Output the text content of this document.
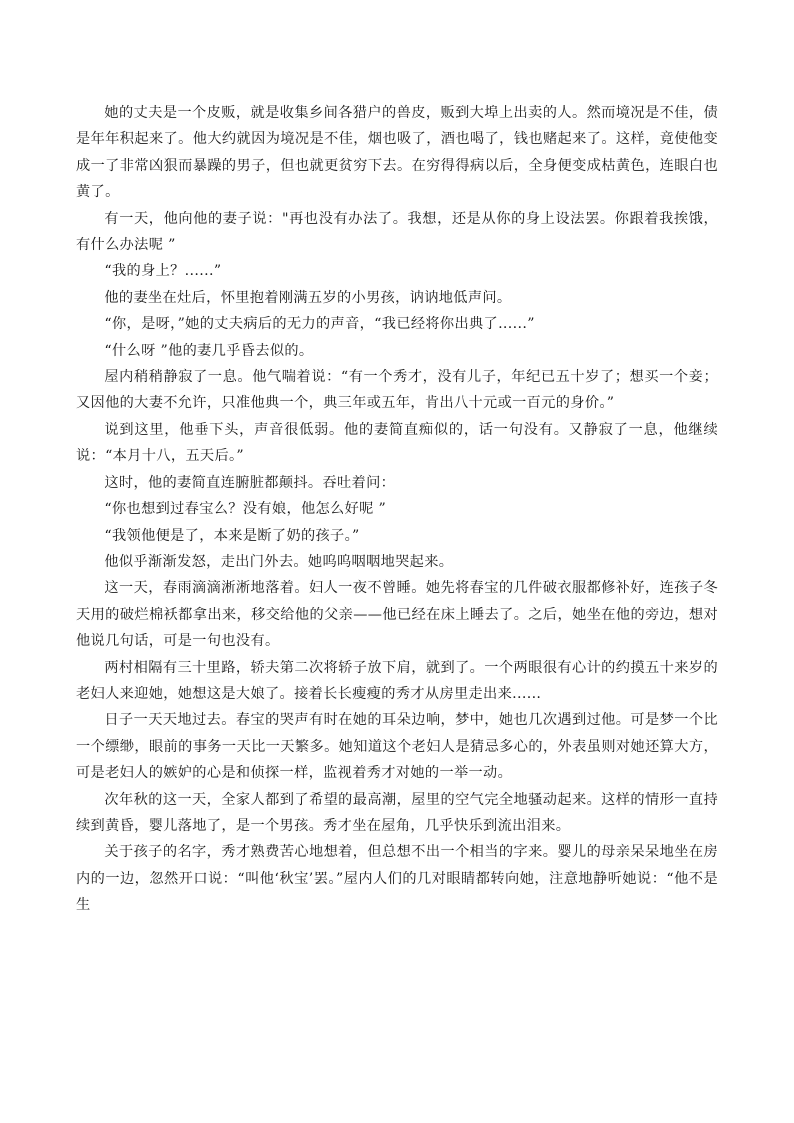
她的丈夫是一个皮贩，就是收集乡间各猎户的兽皮，贩到大埠上出卖的人。然而境况是不佳，债是年年积起来了。他大约就因为境况是不佳，烟也吸了，酒也喝了，钱也赌起来了。这样，竟使他变成一了非常凶狠而暴躁的男子，但也就更贫穷下去。在穷得得病以后，全身便变成枯黄色，连眼白也黄了。

有一天，他向他的妻子说："再也没有办法了。我想，还是从你的身上设法罢。你跟着我挨饿，有什么办法呢 ”

“我的身上？......”

他的妻坐在灶后，怀里抱着刚满五岁的小男孩，讷讷地低声问。

“你，是呀，”她的丈夫病后的无力的声音，“我已经将你出典了......”

“什么呀 ”他的妻几乎昏去似的。

屋内稍稍静寂了一息。他气喘着说：“有一个秀才，没有儿子，年纪已五十岁了；想买一个妾；又因他的大妻不允许，只准他典一个，典三年或五年，肯出八十元或一百元的身价。”

说到这里，他垂下头，声音很低弱。他的妻简直痴似的，话一句没有。又静寂了一息，他继续说：“本月十八，五天后。”

这时，他的妻简直连腑脏都颠抖。吞吐着问：

“你也想到过春宝么？没有娘，他怎么好呢 ”

“我领他便是了，本来是断了奶的孩子。”

他似乎渐渐发怒，走出门外去。她呜呜咽咽地哭起来。

这一天，春雨滴滴淅淅地落着。妇人一夜不曾睡。她先将春宝的几件破衣服都修补好，连孩子冬天用的破烂棉袄都拿出来，移交给他的父亲——他已经在床上睡去了。之后，她坐在他的旁边，想对他说几句话，可是一句也没有。

两村相隔有三十里路，轿夫第二次将轿子放下肩，就到了。一个两眼很有心计的约摸五十来岁的老妇人来迎她，她想这是大娘了。接着长长瘦瘦的秀才从房里走出来......

日子一天天地过去。春宝的哭声有时在她的耳朵边响，梦中，她也几次遇到过他。可是梦一个比一个缥缈，眼前的事务一天比一天繁多。她知道这个老妇人是猜忌多心的，外表虽则对她还算大方，可是老妇人的嫉妒的心是和侦探一样，监视着秀才对她的一举一动。

次年秋的这一天，全家人都到了希望的最高潮，屋里的空气完全地骚动起来。这样的情形一直持续到黄昏，婴儿落地了，是一个男孩。秀才坐在屋角，几乎快乐到流出泪来。

关于孩子的名字，秀才熟费苦心地想着，但总想不出一个相当的字来。婴儿的母亲呆呆地坐在房内的一边，忽然开口说：“叫他‘秋宝’罢。”屋内人们的几对眼睛都转向她，注意地静听她说：“他不是生
